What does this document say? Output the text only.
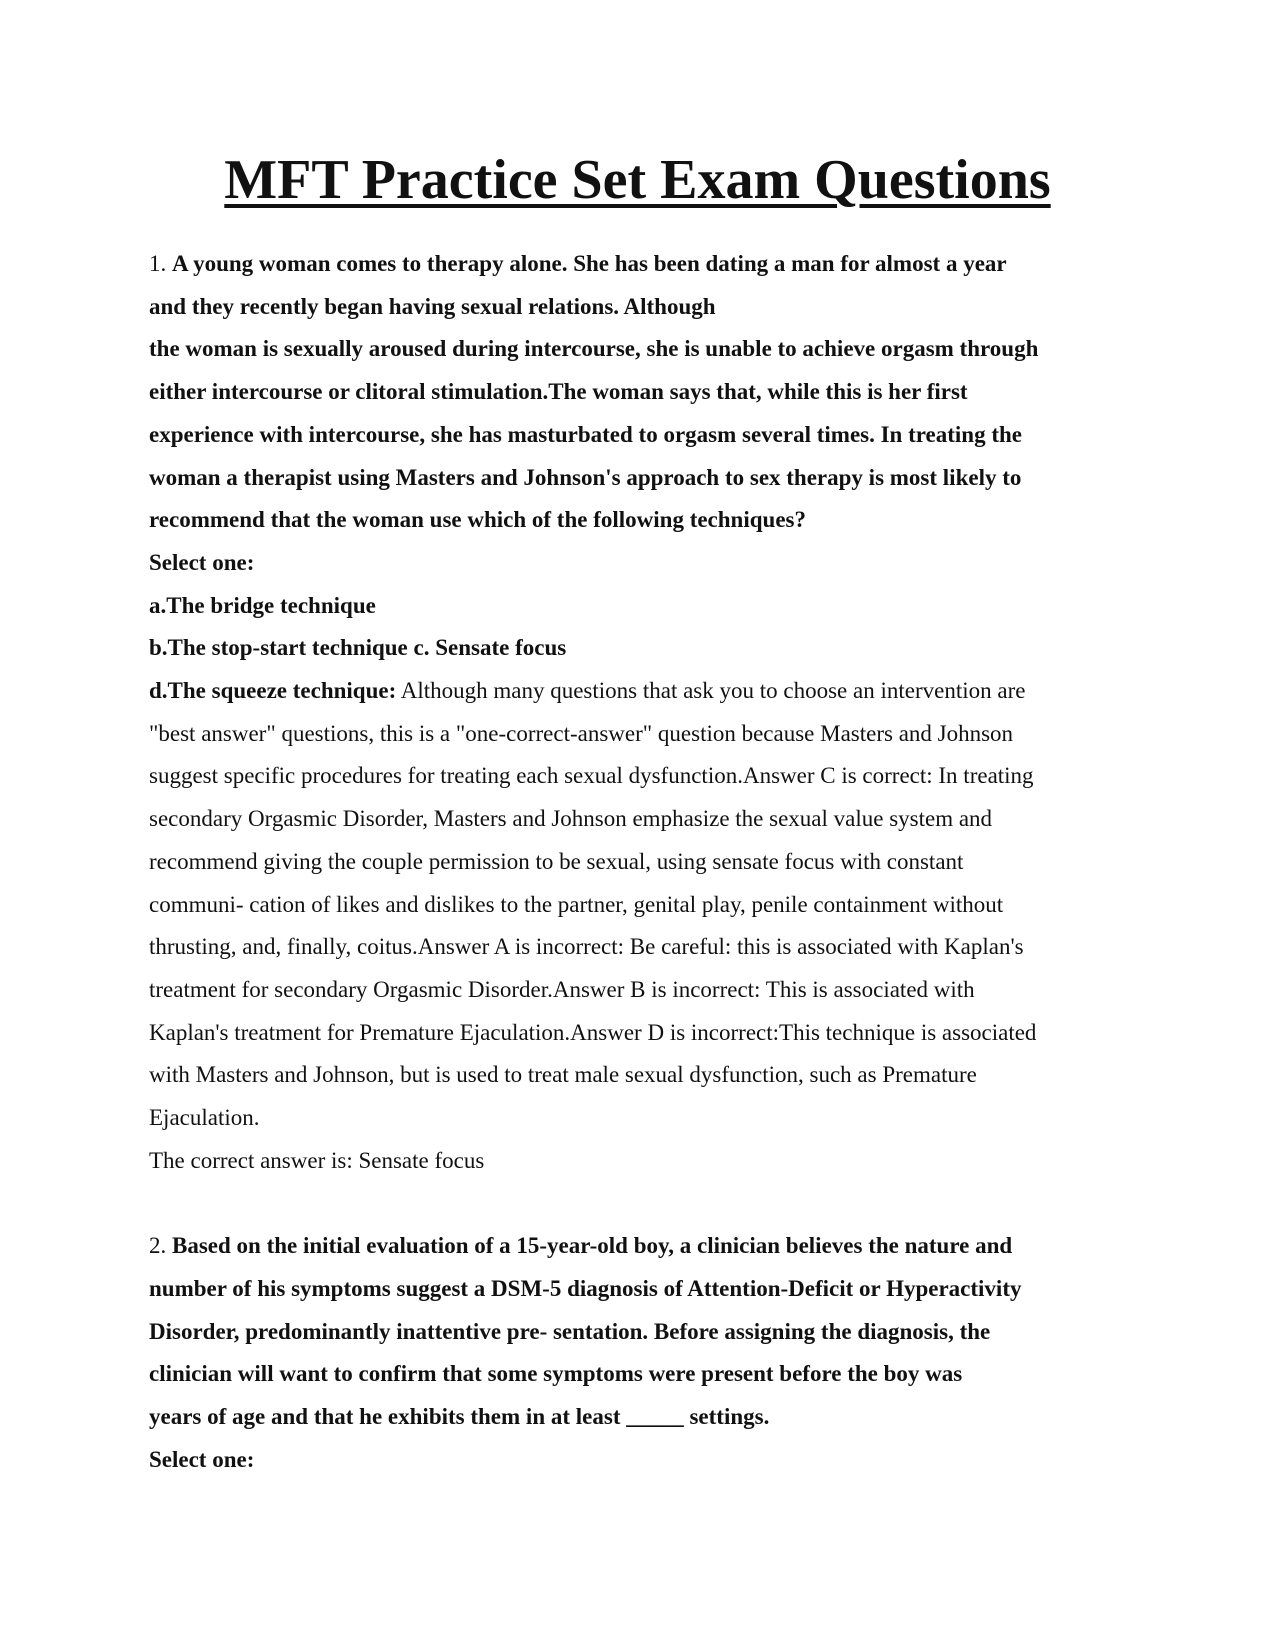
MFT Practice Set Exam Questions
1. A young woman comes to therapy alone. She has been dating a man for almost a year
and they recently began having sexual relations. Although
the woman is sexually aroused during intercourse, she is unable to achieve orgasm through
either intercourse or clitoral stimulation.The woman says that, while this is her first
experience with intercourse, she has masturbated to orgasm several times. In treating the
woman a therapist using Masters and Johnson's approach to sex therapy is most likely to
recommend that the woman use which of the following techniques?
Select one:
a.The bridge technique
b.The stop-start technique c. Sensate focus
d.The squeeze technique: Although many questions that ask you to choose an intervention are
"best answer" questions, this is a "one-correct-answer" question because Masters and Johnson
suggest specific procedures for treating each sexual dysfunction.Answer C is correct: In treating
secondary Orgasmic Disorder, Masters and Johnson emphasize the sexual value system and
recommend giving the couple permission to be sexual, using sensate focus with constant
communi- cation of likes and dislikes to the partner, genital play, penile containment without
thrusting, and, finally, coitus.Answer A is incorrect: Be careful: this is associated with Kaplan's
treatment for secondary Orgasmic Disorder.Answer B is incorrect: This is associated with
Kaplan's treatment for Premature Ejaculation.Answer D is incorrect:This technique is associated
with Masters and Johnson, but is used to treat male sexual dysfunction, such as Premature
Ejaculation.
The correct answer is: Sensate focus
2. Based on the initial evaluation of a 15-year-old boy, a clinician believes the nature and
number of his symptoms suggest a DSM-5 diagnosis of Attention-Deficit or Hyperactivity
Disorder, predominantly inattentive pre- sentation. Before assigning the diagnosis, the
clinician will want to confirm that some symptoms were present before the boy was
years of age and that he exhibits them in at least _____ settings.
Select one:
